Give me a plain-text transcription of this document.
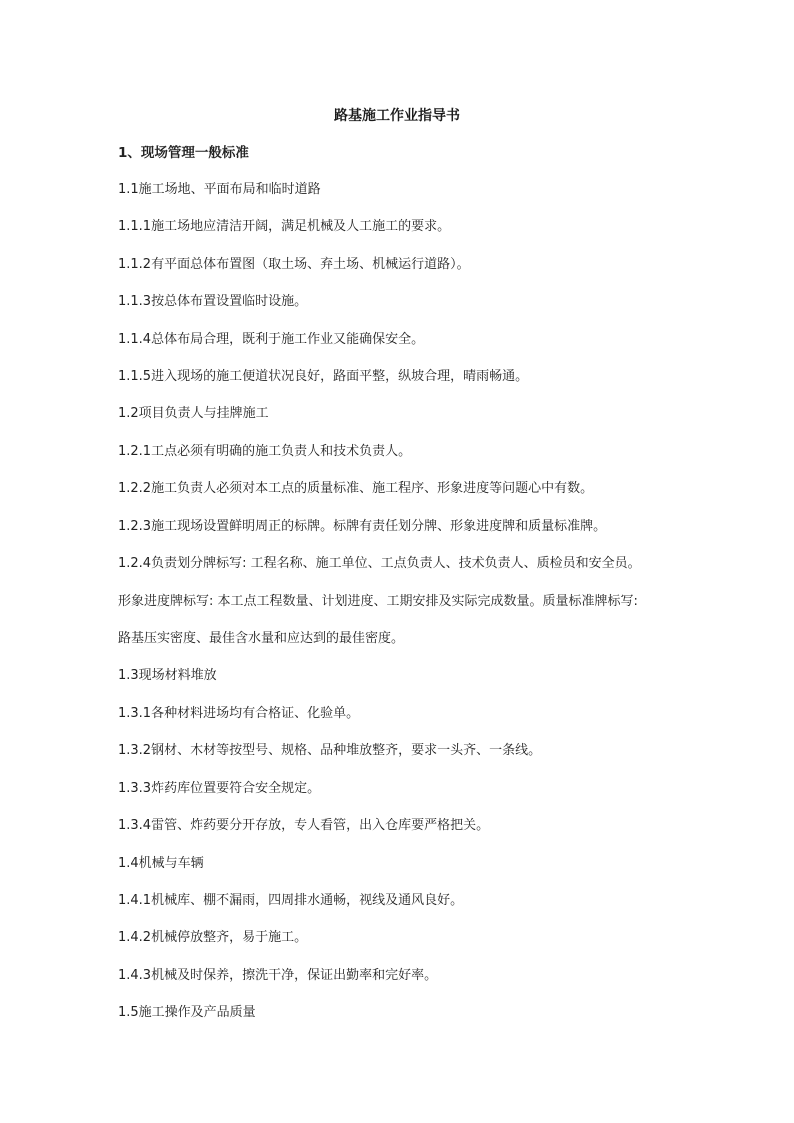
路基施工作业指导书
1、现场管理一般标准
1.1施工场地、平面布局和临时道路
1.1.1施工场地应清洁开阔，满足机械及人工施工的要求。
1.1.2有平面总体布置图（取土场、弃土场、机械运行道路）。
1.1.3按总体布置设置临时设施。
1.1.4总体布局合理，既利于施工作业又能确保安全。
1.1.5进入现场的施工便道状况良好，路面平整，纵坡合理，晴雨畅通。
1.2项目负责人与挂牌施工
1.2.1工点必须有明确的施工负责人和技术负责人。
1.2.2施工负责人必须对本工点的质量标准、施工程序、形象进度等问题心中有数。
1.2.3施工现场设置鲜明周正的标牌。标牌有责任划分牌、形象进度牌和质量标准牌。
1.2.4负责划分牌标写: 工程名称、施工单位、工点负责人、技术负责人、质检员和安全员。
形象进度牌标写: 本工点工程数量、计划进度、工期安排及实际完成数量。质量标准牌标写:
路基压实密度、最佳含水量和应达到的最佳密度。
1.3现场材料堆放
1.3.1各种材料进场均有合格证、化验单。
1.3.2钢材、木材等按型号、规格、品种堆放整齐，要求一头齐、一条线。
1.3.3炸药库位置要符合安全规定。
1.3.4雷管、炸药要分开存放，专人看管，出入仓库要严格把关。
1.4机械与车辆
1.4.1机械库、棚不漏雨，四周排水通畅，视线及通风良好。
1.4.2机械停放整齐，易于施工。
1.4.3机械及时保养，擦洗干净，保证出勤率和完好率。
1.5施工操作及产品质量
